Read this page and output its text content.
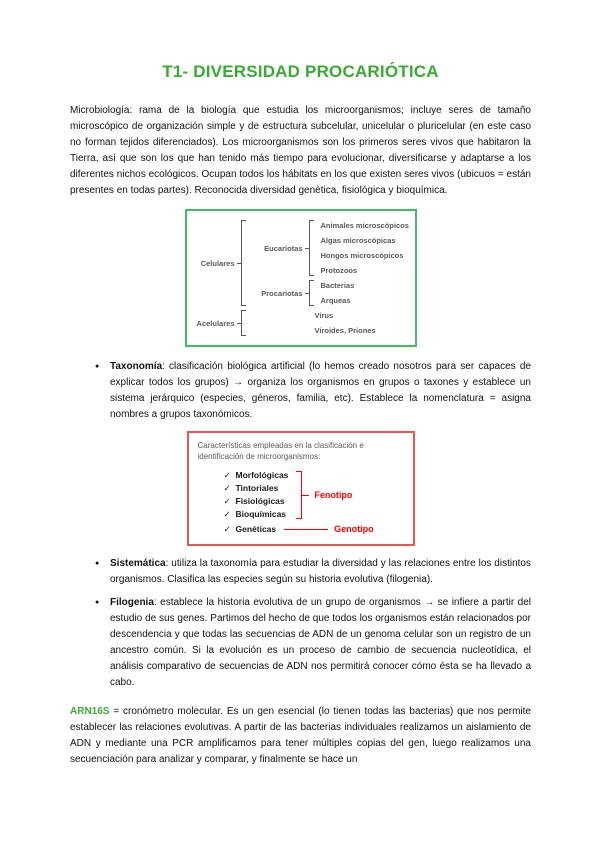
T1- DIVERSIDAD PROCARIÓTICA

Microbiología: rama de la biología que estudia los microorganismos; incluye seres de tamaño microscópico de organización simple y de estructura subcelular, unicelular o pluricelular (en este caso no forman tejidos diferenciados). Los microorganismos son los primeros seres vivos que habitaron la Tierra, así que son los que han tenido más tiempo para evolucionar, diversificarse y adaptarse a los diferentes nichos ecológicos. Ocupan todos los hábitats en los que existen seres vivos (ubicuos = están presentes en todas partes). Reconocida diversidad genètica, fisiológica y bioquímica.

Celulares
Eucariotas
Animales microscópicos
Algas microscópicas
Hongos microscópicos
Protozoos
Procariotas
Bacterias
Arqueas
Acelulares
Virus
Viroides, Priones
●	Taxonomía: clasificación biológica artificial (lo hemos creado nosotros para ser capaces de explicar todos los grupos) → organiza los organismos en grupos o taxones y establece un sistema jerárquico (especies, géneros, familia, etc). Establece la nomenclatura = asigna nombres a grupos taxonómicos.
Características empleadas en la clasificación e identificación de microorganismos:
✓ Morfológicas
✓ Tintoriales
✓ Fisiológicas
✓ Bioquímicas
Fenotipo
✓ Genéticas	Genotipo
●	Sistemática: utiliza la taxonomía para estudiar la diversidad y las relaciones entre los distintos organismos. Clasifica las especies según su historia evolutiva (filogenia).
●	Filogenia: establece la historia evolutiva de un grupo de organismos → se infiere a partir del estudio de sus genes. Partimos del hecho de que todos los organismos están relacionados por descendencia y que todas las secuencias de ADN de un genoma celular son un registro de un ancestro común. Si la evolución es un proceso de cambio de secuencia nucleotídica, el análisis comparativo de secuencias de ADN nos permitirá conocer cómo ésta se ha llevado a cabo.

ARN16S = cronómetro molecular. Es un gen esencial (lo tienen todas las bacterias) que nos permite establecer las relaciones evolutivas. A partir de las bacterias individuales realizamos un aislamiento de ADN y mediante una PCR amplificamos para tener múltiples copias del gen, luego realizamos una secuenciación para analizar y comparar, y finalmente se hace un
